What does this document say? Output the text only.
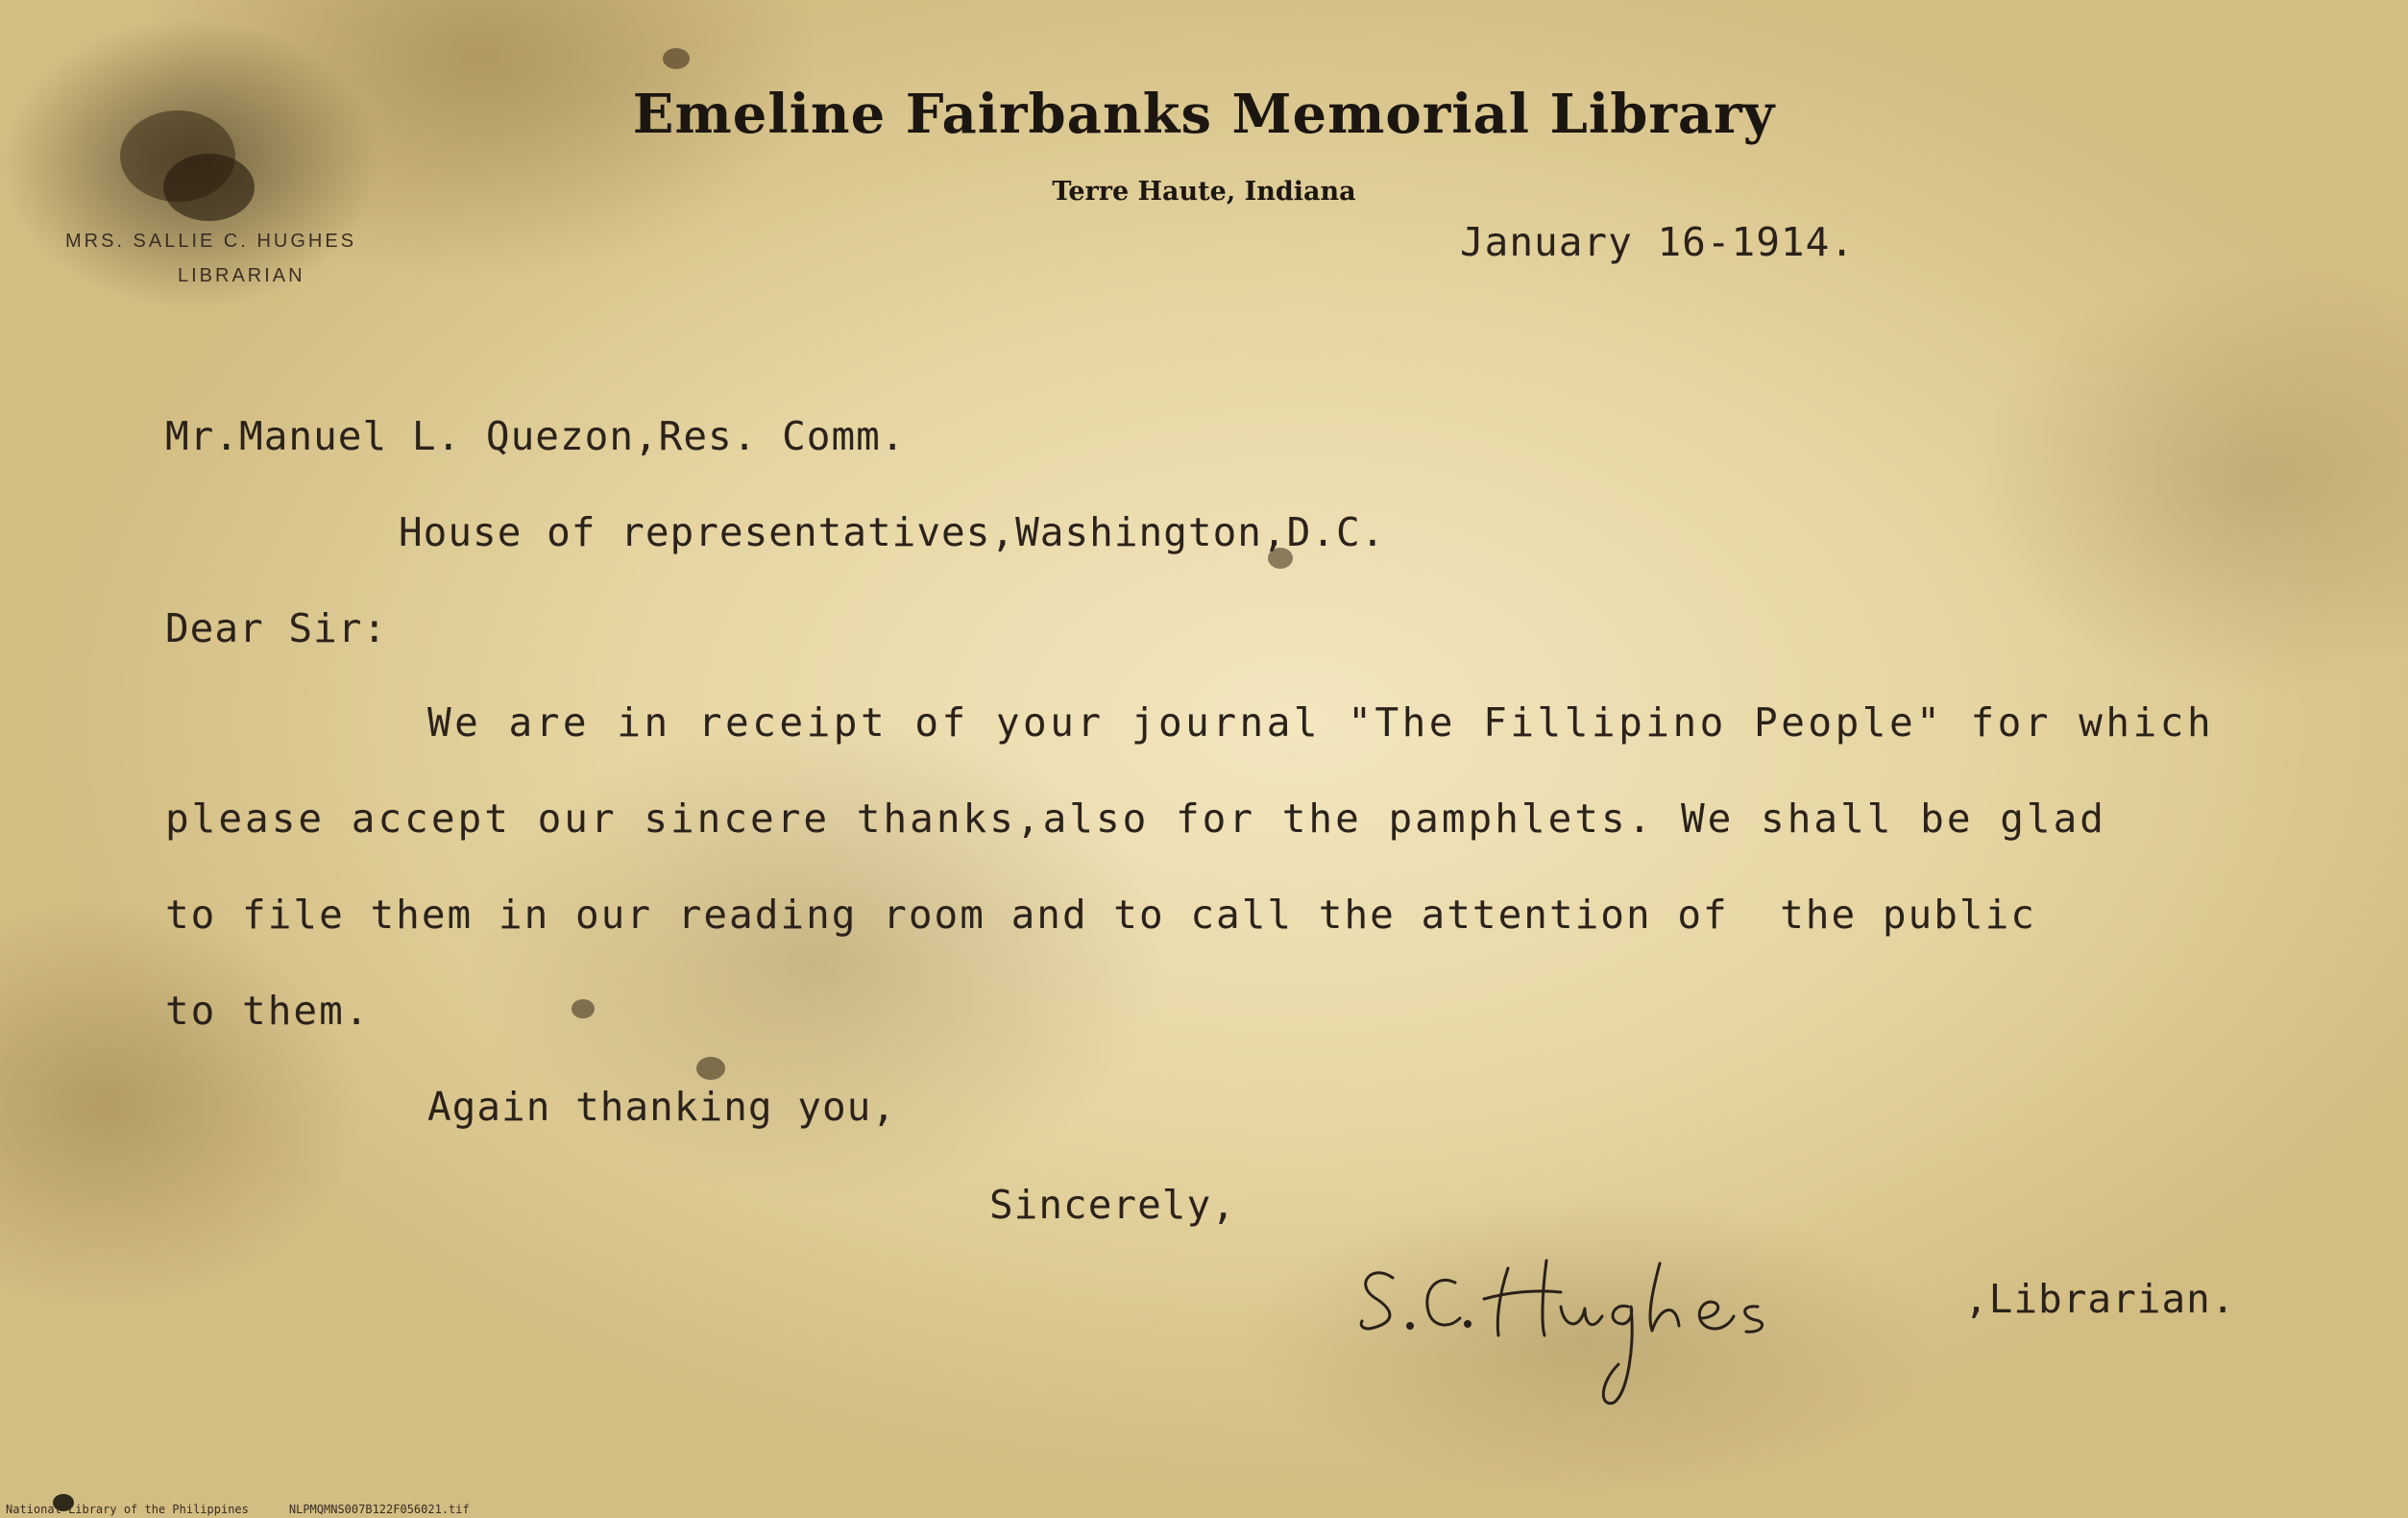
Emeline Fairbanks Memorial Library
Terre Haute, Indiana
MRS. SALLIE C. HUGHES
LIBRARIAN
January 16-1914.
Mr.Manuel L. Quezon,Res. Comm.
House of representatives,Washington,D.C.
Dear Sir:
We are in receipt of your journal "The Fillipino People" for which
please accept our sincere thanks,also for the pamphlets. We shall be glad
to file them in our reading room and to call the attention of  the public
to them.
Again thanking you,
Sincerely,
,Librarian.
National Library of the Philippines	NLPMQMNS007B122F056021.tif
